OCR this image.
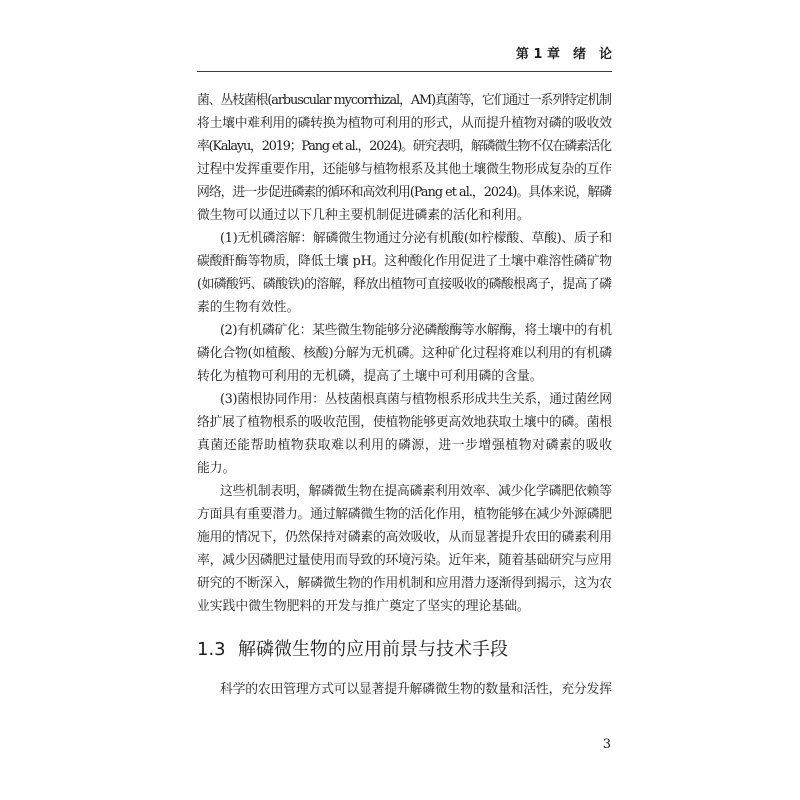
第 1 章　绪　论
菌、丛枝菌根(arbuscular mycorrhizal，AM)真菌等，它们通过一系列特定机制
将土壤中难利用的磷转换为植物可利用的形式，从而提升植物对磷的吸收效
率(Kalayu，2019；Pang et al.，2024)。研究表明，解磷微生物不仅在磷素活化
过程中发挥重要作用，还能够与植物根系及其他土壤微生物形成复杂的互作
网络，进一步促进磷素的循环和高效利用(Pang et al.，2024)。具体来说，解磷
微生物可以通过以下几种主要机制促进磷素的活化和利用。
(1)无机磷溶解：解磷微生物通过分泌有机酸(如柠檬酸、草酸)、质子和
碳酸酐酶等物质，降低土壤 pH。这种酸化作用促进了土壤中难溶性磷矿物
(如磷酸钙、磷酸铁)的溶解，释放出植物可直接吸收的磷酸根离子，提高了磷
素的生物有效性。
(2)有机磷矿化：某些微生物能够分泌磷酸酶等水解酶，将土壤中的有机
磷化合物(如植酸、核酸)分解为无机磷。这种矿化过程将难以利用的有机磷
转化为植物可利用的无机磷，提高了土壤中可利用磷的含量。
(3)菌根协同作用：丛枝菌根真菌与植物根系形成共生关系，通过菌丝网
络扩展了植物根系的吸收范围，使植物能够更高效地获取土壤中的磷。菌根
真菌还能帮助植物获取难以利用的磷源，进一步增强植物对磷素的吸收
能力。
这些机制表明，解磷微生物在提高磷素利用效率、减少化学磷肥依赖等
方面具有重要潜力。通过解磷微生物的活化作用，植物能够在减少外源磷肥
施用的情况下，仍然保持对磷素的高效吸收，从而显著提升农田的磷素利用
率，减少因磷肥过量使用而导致的环境污染。近年来，随着基础研究与应用
研究的不断深入，解磷微生物的作用机制和应用潜力逐渐得到揭示，这为农
业实践中微生物肥料的开发与推广奠定了坚实的理论基础。
1.3 解磷微生物的应用前景与技术手段
科学的农田管理方式可以显著提升解磷微生物的数量和活性，充分发挥
3
